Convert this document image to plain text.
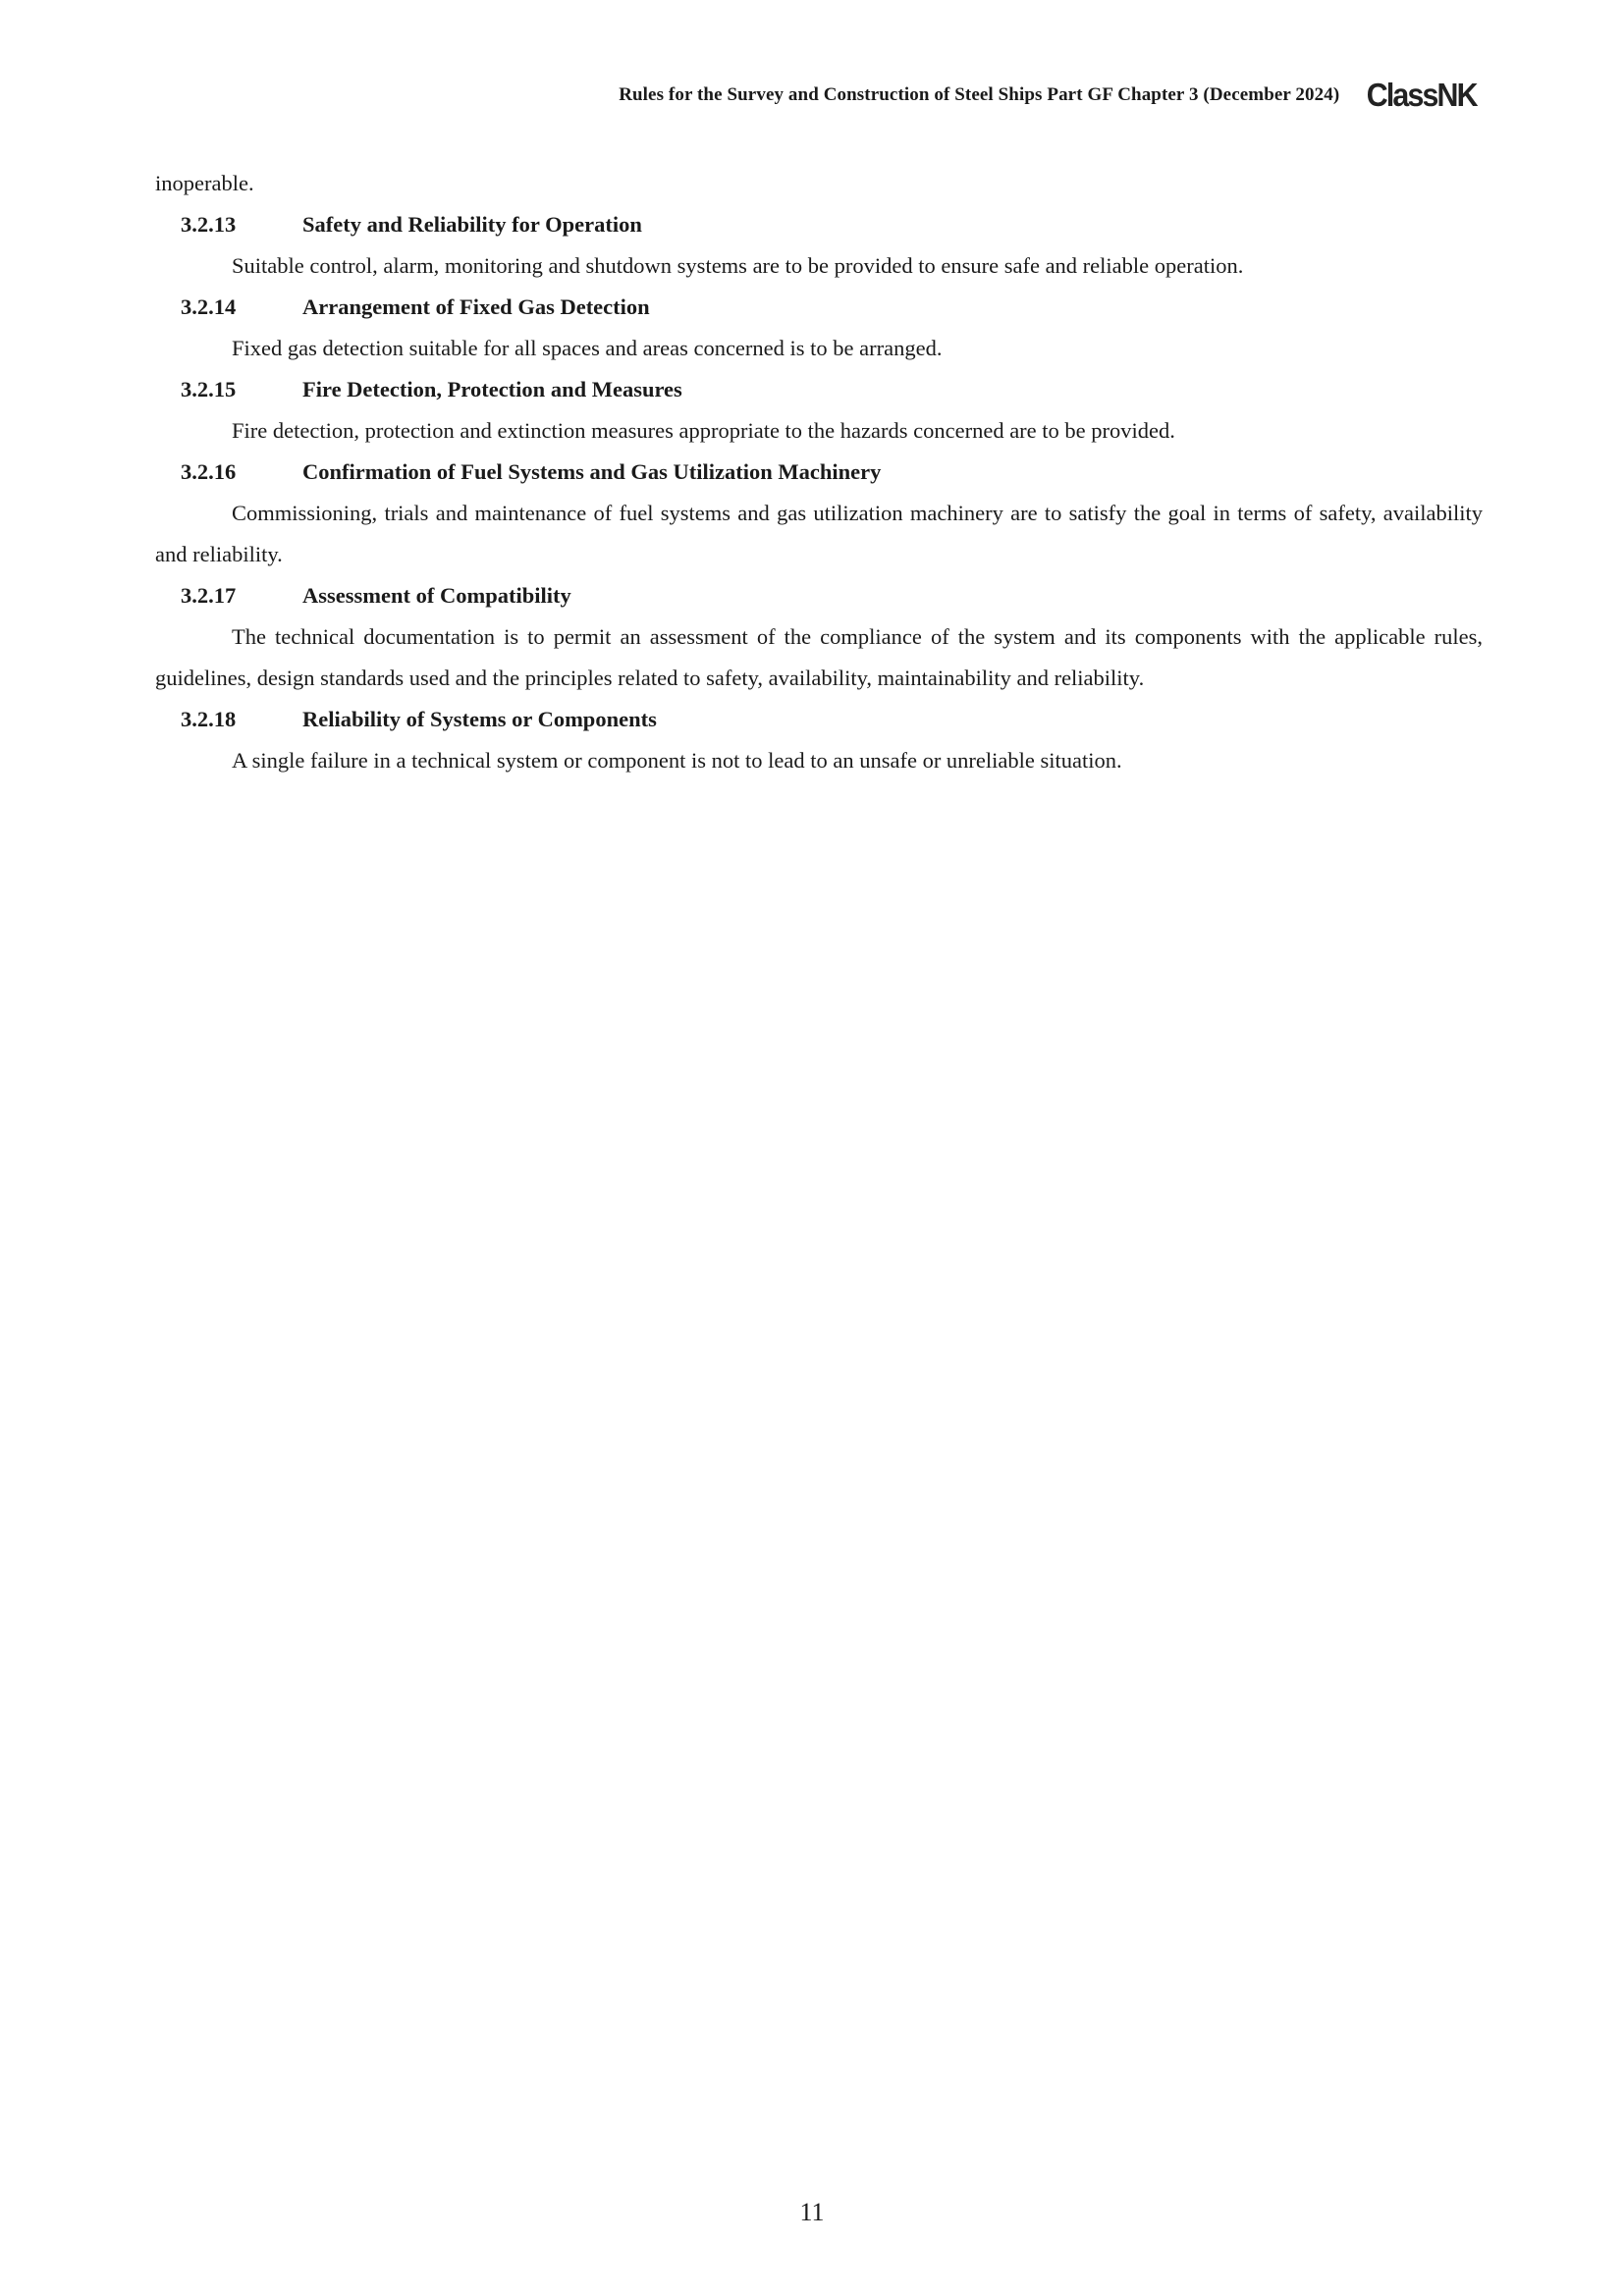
Rules for the Survey and Construction of Steel Ships Part GF Chapter 3 (December 2024) ClassNK

inoperable.

3.2.13	Safety and Reliability for Operation

Suitable control, alarm, monitoring and shutdown systems are to be provided to ensure safe and reliable operation.

3.2.14	Arrangement of Fixed Gas Detection

Fixed gas detection suitable for all spaces and areas concerned is to be arranged.

3.2.15	Fire Detection, Protection and Measures

Fire detection, protection and extinction measures appropriate to the hazards concerned are to be provided.

3.2.16	Confirmation of Fuel Systems and Gas Utilization Machinery

Commissioning, trials and maintenance of fuel systems and gas utilization machinery are to satisfy the goal in terms of safety, availability and reliability.

3.2.17	Assessment of Compatibility

The technical documentation is to permit an assessment of the compliance of the system and its components with the applicable rules, guidelines, design standards used and the principles related to safety, availability, maintainability and reliability.

3.2.18	Reliability of Systems or Components

A single failure in a technical system or component is not to lead to an unsafe or unreliable situation.

11
